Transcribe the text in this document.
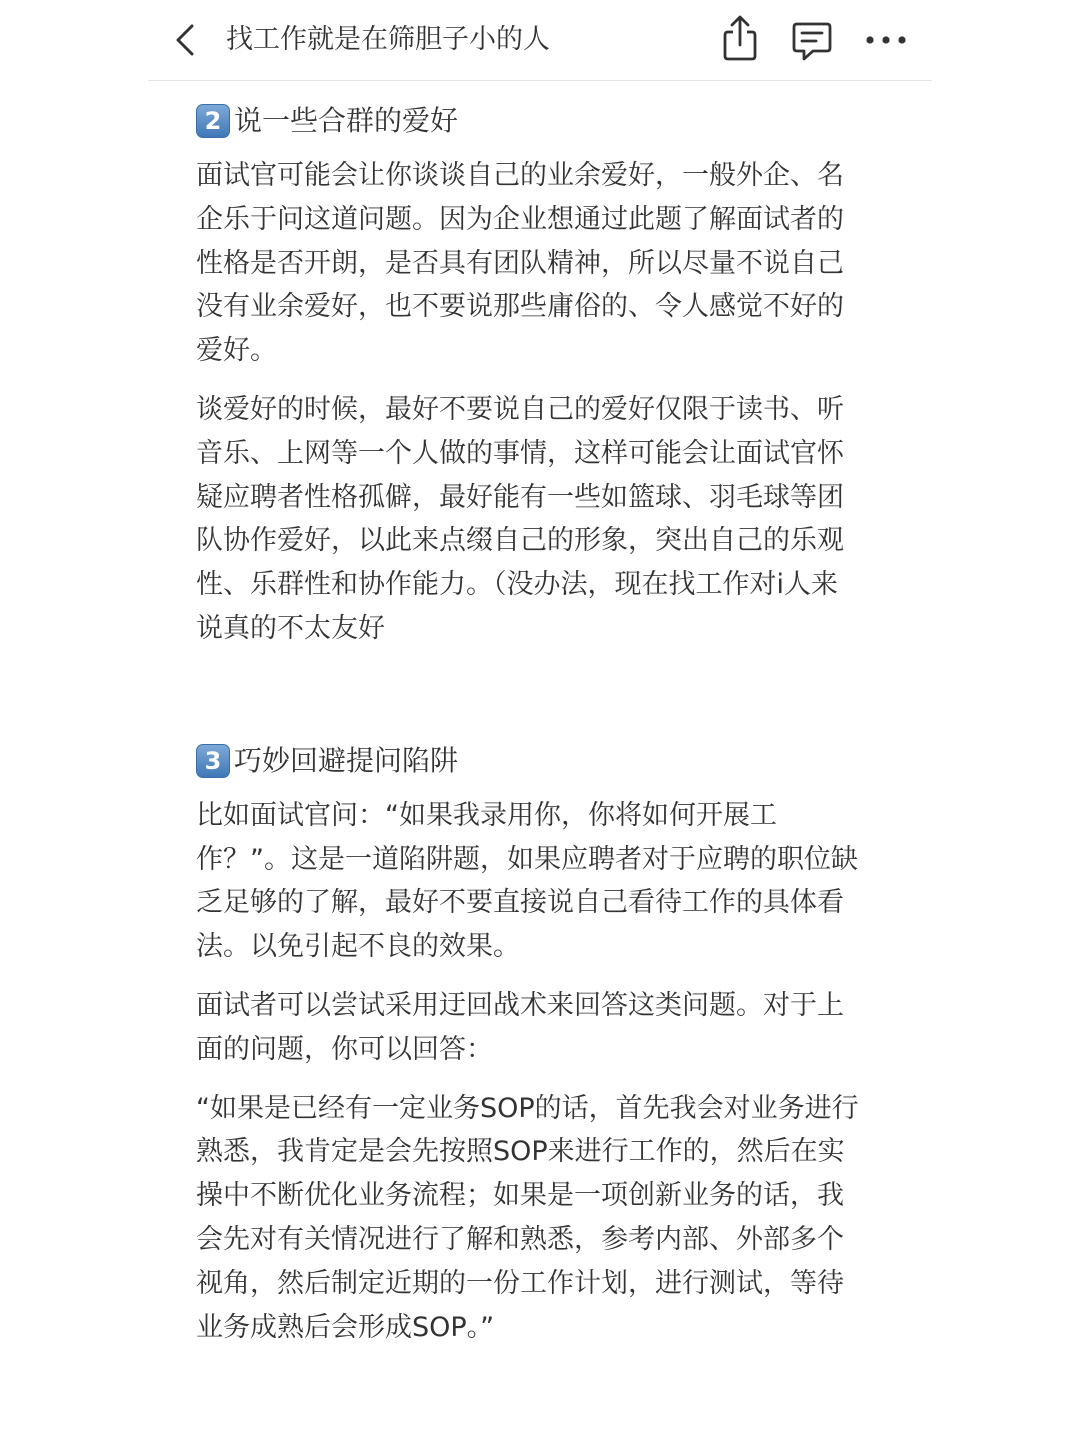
找工作就是在筛胆子小的人
2 说一些合群的爱好

面试官可能会让你谈谈自己的业余爱好，一般外企、名
企乐于问这道问题。因为企业想通过此题了解面试者的
性格是否开朗，是否具有团队精神，所以尽量不说自己
没有业余爱好，也不要说那些庸俗的、令人感觉不好的
爱好。

谈爱好的时候，最好不要说自己的爱好仅限于读书、听
音乐、上网等一个人做的事情，这样可能会让面试官怀
疑应聘者性格孤僻，最好能有一些如篮球、羽毛球等团
队协作爱好，以此来点缀自己的形象，突出自己的乐观
性、乐群性和协作能力。（没办法，现在找工作对i人来
说真的不太友好

3 巧妙回避提问陷阱

比如面试官问：“如果我录用你，你将如何开展工
作？”。这是一道陷阱题，如果应聘者对于应聘的职位缺
乏足够的了解，最好不要直接说自己看待工作的具体看
法。以免引起不良的效果。

面试者可以尝试采用迂回战术来回答这类问题。对于上
面的问题，你可以回答：

“如果是已经有一定业务SOP的话，首先我会对业务进行
熟悉，我肯定是会先按照SOP来进行工作的，然后在实
操中不断优化业务流程；如果是一项创新业务的话，我
会先对有关情况进行了解和熟悉，参考内部、外部多个
视角，然后制定近期的一份工作计划，进行测试，等待
业务成熟后会形成SOP。”
